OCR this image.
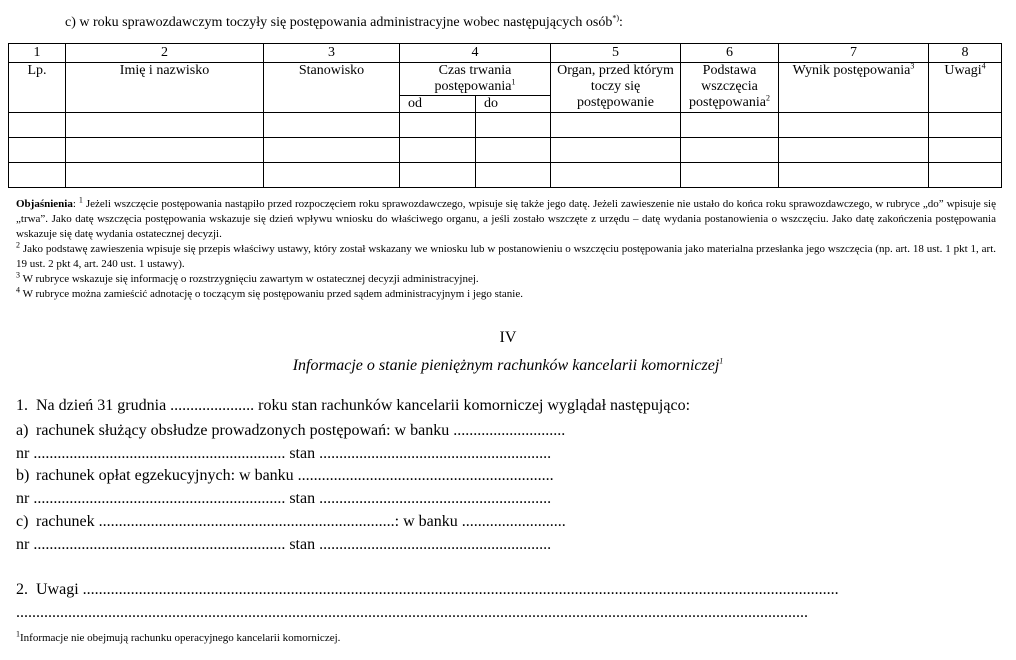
c) w roku sprawozdawczym toczyły się postępowania administracyjne wobec następujących osób*):
1	2	3	4		5	6	7	8
Lp.	Imię i nazwisko	Stanowisko	Czas trwania postępowania$^1$		Organ, przed którym toczy się postępowanie	Podstawa wszczęcia postępowania$^2$	Wynik postępowania$^3$	Uwagi$^4$
			od	do				

Objaśnienia: $^1$ Jeżeli wszczęcie postępowania nastąpiło przed rozpoczęciem roku sprawozdawczego, wpisuje się także jego datę. Jeżeli zawieszenie nie ustało do końca roku sprawozdawczego, w rubryce „do” wpisuje się „trwa”. Jako datę wszczęcia postępowania wskazuje się dzień wpływu wniosku do właściwego organu, a jeśli zostało wszczęte z urzędu – datę wydania postanowienia o wszczęciu. Jako datę zakończenia postępowania wskazuje się datę wydania ostatecznej decyzji.

$^2$ Jako podstawę zawieszenia wpisuje się przepis właściwy ustawy, który został wskazany we wniosku lub w postanowieniu o wszczęciu postępowania jako materialna przesłanka jego wszczęcia (np. art. 18 ust. 1 pkt 1, art. 19 ust. 2 pkt 4, art. 240 ust. 1 ustawy).

$^3$ W rubryce wskazuje się informację o rozstrzygnięciu zawartym w ostatecznej decyzji administracyjnej.

$^4$ W rubryce można zamieścić adnotację o toczącym się postępowaniu przed sądem administracyjnym i jego stanie.

IV
Informacje o stanie pieniężnym rachunków kancelarii komorniczej$^1$
1. Na dzień 31 grudnia ..................... roku stan rachunków kancelarii komorniczej wyglądał następująco:
a) rachunek służący obsłudze prowadzonych postępowań: w banku ............................
nr ............................................................... stan ..........................................................
b) rachunek opłat egzekucyjnych: w banku ................................................................
nr ............................................................... stan ..........................................................
c) rachunek ..........................................................................: w banku ..........................
nr ............................................................... stan ..........................................................
2. Uwagi .............................................................................................................................................................................................
......................................................................................................................................................................................................
$^1$Informacje nie obejmują rachunku operacyjnego kancelarii komorniczej.
